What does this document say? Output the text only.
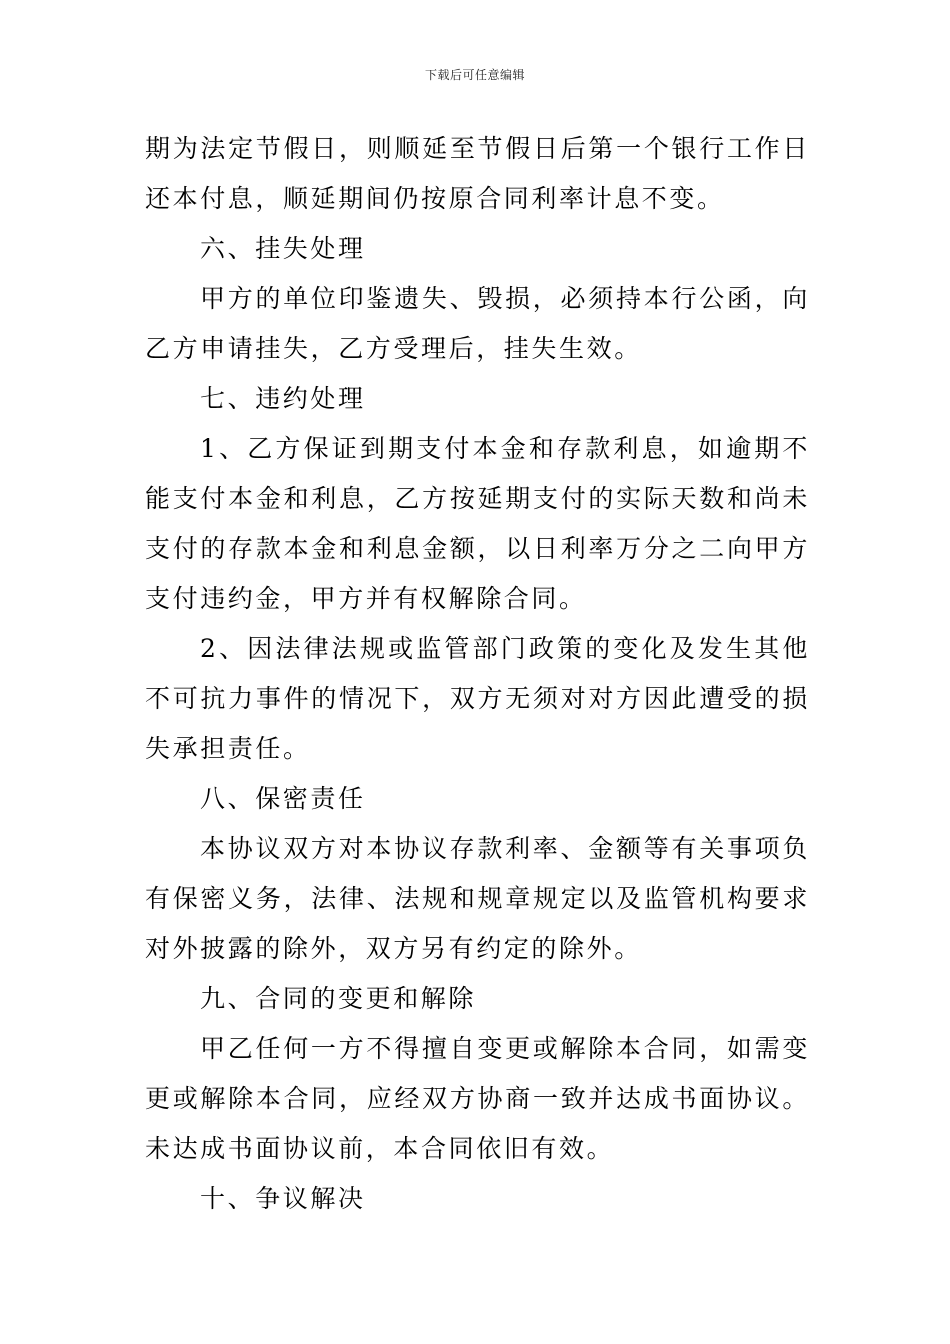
下载后可任意编辑

期为法定节假日，则顺延至节假日后第一个银行工作日还本付息，顺延期间仍按原合同利率计息不变。

六、挂失处理

甲方的单位印鉴遗失、毁损，必须持本行公函，向乙方申请挂失，乙方受理后，挂失生效。

七、违约处理

1、乙方保证到期支付本金和存款利息，如逾期不能支付本金和利息，乙方按延期支付的实际天数和尚未支付的存款本金和利息金额，以日利率万分之二向甲方支付违约金，甲方并有权解除合同。

2、因法律法规或监管部门政策的变化及发生其他不可抗力事件的情况下，双方无须对对方因此遭受的损失承担责任。

八、保密责任

本协议双方对本协议存款利率、金额等有关事项负有保密义务，法律、法规和规章规定以及监管机构要求对外披露的除外，双方另有约定的除外。

九、合同的变更和解除

甲乙任何一方不得擅自变更或解除本合同，如需变更或解除本合同，应经双方协商一致并达成书面协议。未达成书面协议前，本合同依旧有效。

十、争议解决
